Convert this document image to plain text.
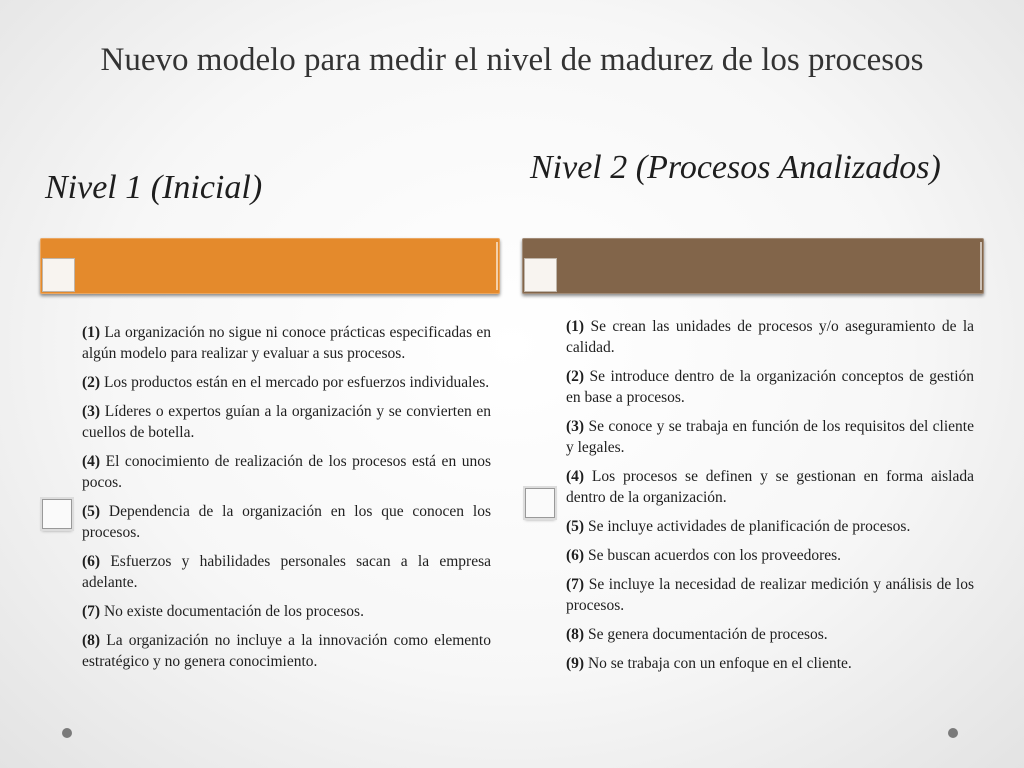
Nuevo modelo para medir el nivel de madurez de los procesos
Nivel 1 (Inicial)
Nivel 2 (Procesos Analizados)
(1) La organización no sigue ni conoce prácticas especificadas en algún modelo para realizar y evaluar a sus procesos.
(2) Los productos están en el mercado por esfuerzos individuales.
(3) Líderes o expertos guían a la organización y se convierten en cuellos de botella.
(4) El conocimiento de realización de los procesos está en unos pocos.
(5) Dependencia de la organización en los que conocen los procesos.
(6) Esfuerzos y habilidades personales sacan a la empresa adelante.
(7) No existe documentación de los procesos.
(8) La organización no incluye a la innovación como elemento estratégico y no genera conocimiento.
(1) Se crean las unidades de procesos y/o aseguramiento de la calidad.
(2) Se introduce dentro de la organización conceptos de gestión en base a procesos.
(3) Se conoce y se trabaja en función de los requisitos del cliente y legales.
(4) Los procesos se definen y se gestionan en forma aislada dentro de la organización.
(5) Se incluye actividades de planificación de procesos.
(6) Se buscan acuerdos con los proveedores.
(7) Se incluye la necesidad de realizar medición y análisis de los procesos.
(8) Se genera documentación de procesos.
(9) No se trabaja con un enfoque en el cliente.
